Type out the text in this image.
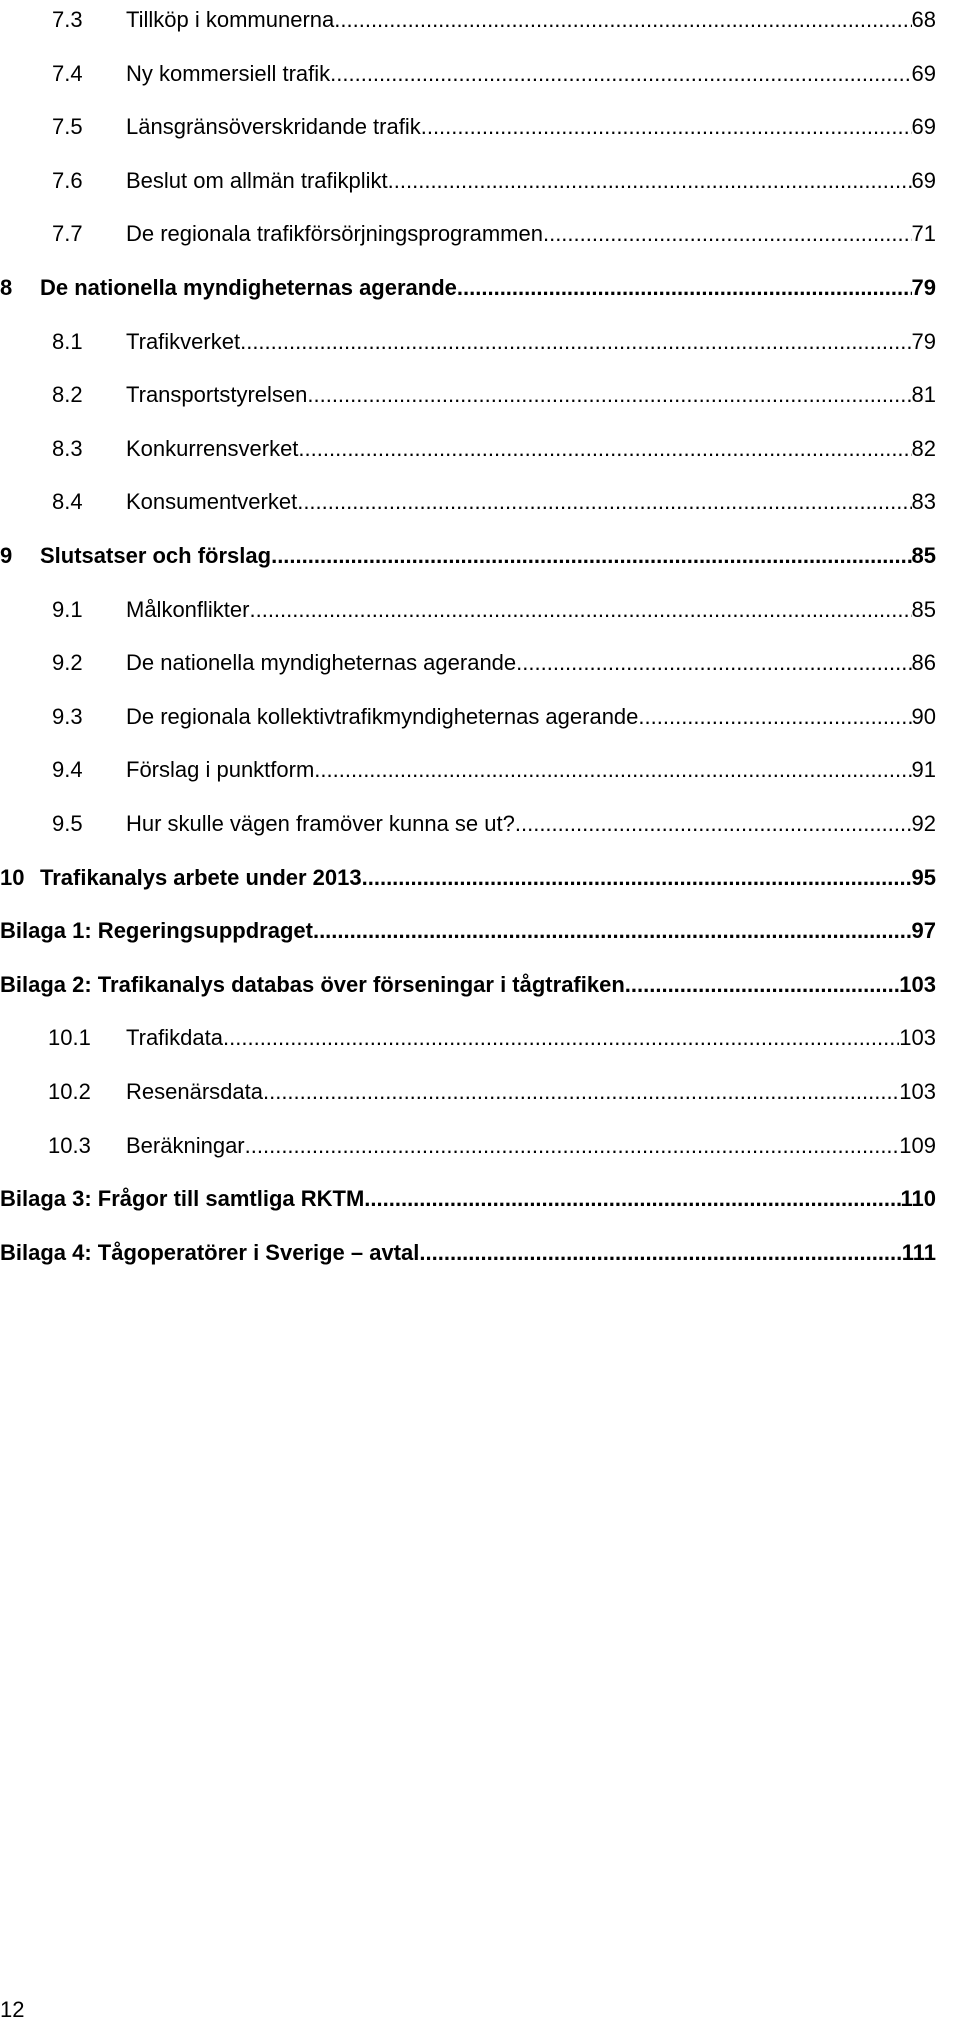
7.3 Tillköp i kommunerna .....	68
7.4 Ny kommersiell trafik .....	69
7.5 Länsgränsöverskridande trafik .....	69
7.6 Beslut om allmän trafikplikt .....	69
7.7 De regionala trafikförsörjningsprogrammen .....	71
8 De nationella myndigheternas agerande .....	79
8.1 Trafikverket .....	79
8.2 Transportstyrelsen .....	81
8.3 Konkurrensverket .....	82
8.4 Konsumentverket .....	83
9 Slutsatser och förslag .....	85
9.1 Målkonflikter .....	85
9.2 De nationella myndigheternas agerande .....	86
9.3 De regionala kollektivtrafikmyndigheternas agerande .....	90
9.4 Förslag i punktform .....	91
9.5 Hur skulle vägen framöver kunna se ut? .....	92
10 Trafikanalys arbete under 2013 .....	95
Bilaga 1: Regeringsuppdraget .....	97
Bilaga 2: Trafikanalys databas över förseningar i tågtrafiken .....	103
10.1 Trafikdata .....	103
10.2 Resenärsdata .....	103
10.3 Beräkningar .....	109
Bilaga 3: Frågor till samtliga RKTM .....	110
Bilaga 4: Tågoperatörer i Sverige – avtal .....	111
12
